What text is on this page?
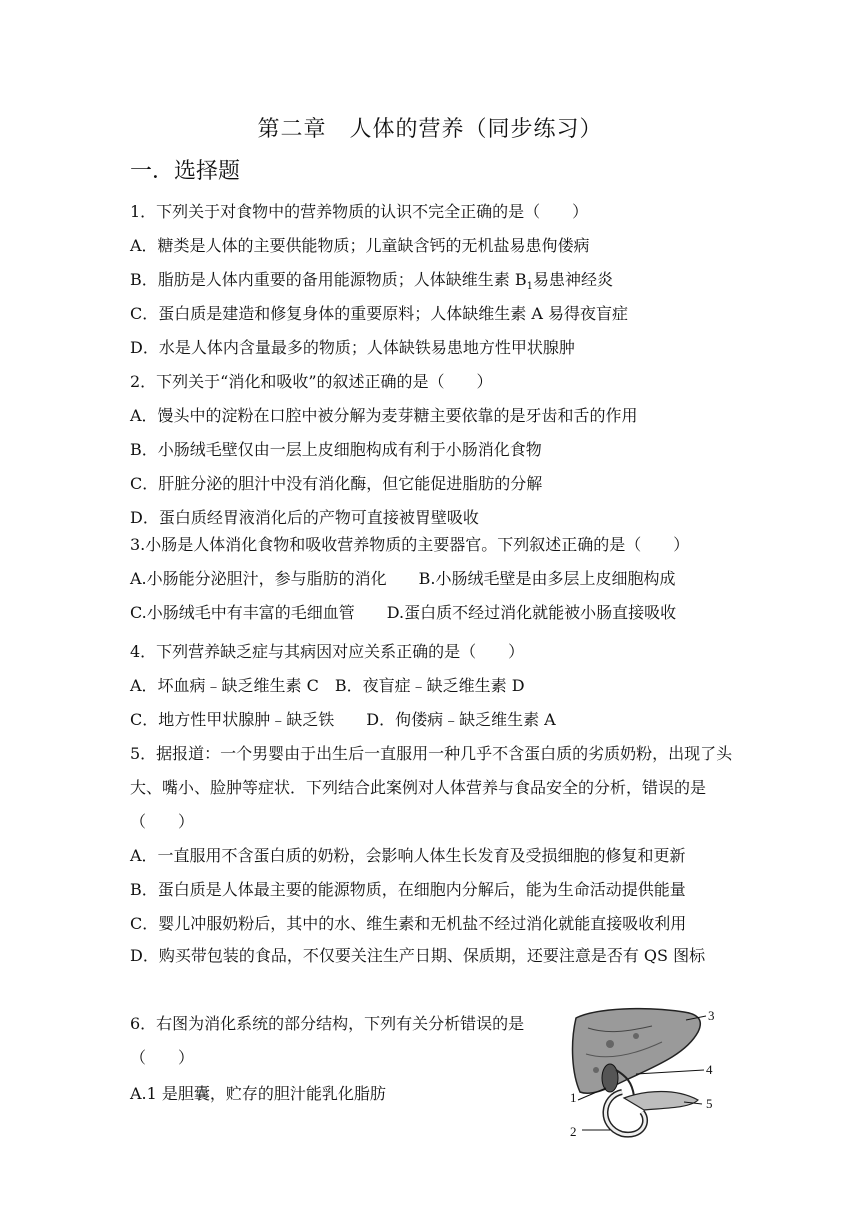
第二章　人体的营养（同步练习）
一．选择题
1．下列关于对食物中的营养物质的认识不完全正确的是（　　）
A．糖类是人体的主要供能物质；儿童缺含钙的无机盐易患佝偻病
B．脂肪是人体内重要的备用能源物质；人体缺维生素 $B_1$易患神经炎
C．蛋白质是建造和修复身体的重要原料；人体缺维生素 A 易得夜盲症
D．水是人体内含量最多的物质；人体缺铁易患地方性甲状腺肿
2．下列关于“消化和吸收”的叙述正确的是（　　）
A．馒头中的淀粉在口腔中被分解为麦芽糖主要依靠的是牙齿和舌的作用
B．小肠绒毛壁仅由一层上皮细胞构成有利于小肠消化食物
C．肝脏分泌的胆汁中没有消化酶，但它能促进脂肪的分解
D．蛋白质经胃液消化后的产物可直接被胃壁吸收
3.小肠是人体消化食物和吸收营养物质的主要器官。下列叙述正确的是（　　）
A.小肠能分泌胆汁，参与脂肪的消化　　B.小肠绒毛壁是由多层上皮细胞构成
C.小肠绒毛中有丰富的毛细血管　　D.蛋白质不经过消化就能被小肠直接吸收
4．下列营养缺乏症与其病因对应关系正确的是（　　）
A．坏血病﹣缺乏维生素 C　B．夜盲症﹣缺乏维生素 D
C．地方性甲状腺肿﹣缺乏铁　　D．佝偻病﹣缺乏维生素 A
5．据报道：一个男婴由于出生后一直服用一种几乎不含蛋白质的劣质奶粉，出现了头大、嘴小、脸肿等症状．下列结合此案例对人体营养与食品安全的分析，错误的是（　　）
A．一直服用不含蛋白质的奶粉，会影响人体生长发育及受损细胞的修复和更新
B．蛋白质是人体最主要的能源物质，在细胞内分解后，能为生命活动提供能量
C．婴儿冲服奶粉后，其中的水、维生素和无机盐不经过消化就能直接吸收利用
D．购买带包装的食品，不仅要关注生产日期、保质期，还要注意是否有 QS 图标
6．右图为消化系统的部分结构，下列有关分析错误的是（　　）
A.1 是胆囊，贮存的胆汁能乳化脂肪	1
2
3
4
5
